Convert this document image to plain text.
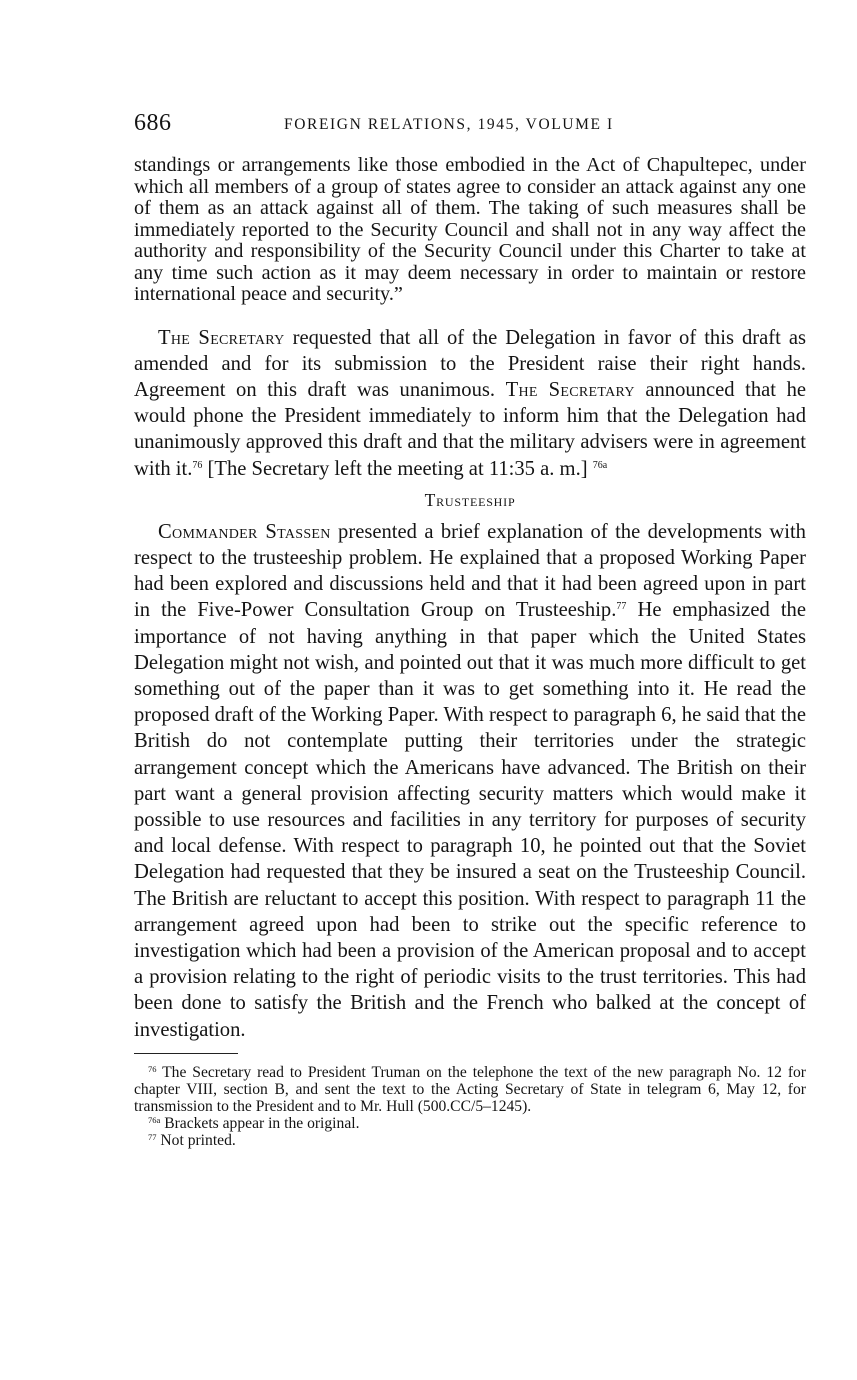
686	FOREIGN RELATIONS, 1945, VOLUME I

standings or arrangements like those embodied in the Act of Chapultepec, under which all members of a group of states agree to consider an attack against any one of them as an attack against all of them. The taking of such measures shall be immediately reported to the Security Council and shall not in any way affect the authority and responsibility of the Security Council under this Charter to take at any time such action as it may deem necessary in order to maintain or restore international peace and security.”

The Secretary requested that all of the Delegation in favor of this draft as amended and for its submission to the President raise their right hands. Agreement on this draft was unanimous. The Secretary announced that he would phone the President immediately to inform him that the Delegation had unanimously approved this draft and that the military advisers were in agreement with it.$^{76}$ [The Secretary left the meeting at 11:35 a. m.] $^{76a}$

Trusteeship

Commander Stassen presented a brief explanation of the developments with respect to the trusteeship problem. He explained that a proposed Working Paper had been explored and discussions held and that it had been agreed upon in part in the Five-Power Consultation Group on Trusteeship.$^{77}$ He emphasized the importance of not having anything in that paper which the United States Delegation might not wish, and pointed out that it was much more difficult to get something out of the paper than it was to get something into it. He read the proposed draft of the Working Paper. With respect to paragraph 6, he said that the British do not contemplate putting their territories under the strategic arrangement concept which the Americans have advanced. The British on their part want a general provision affecting security matters which would make it possible to use resources and facilities in any territory for purposes of security and local defense. With respect to paragraph 10, he pointed out that the Soviet Delegation had requested that they be insured a seat on the Trusteeship Council. The British are reluctant to accept this position. With respect to paragraph 11 the arrangement agreed upon had been to strike out the specific reference to investigation which had been a provision of the American proposal and to accept a provision relating to the right of periodic visits to the trust territories. This had been done to satisfy the British and the French who balked at the concept of investigation.

$^{76}$ The Secretary read to President Truman on the telephone the text of the new paragraph No. 12 for chapter VIII, section B, and sent the text to the Acting Secretary of State in telegram 6, May 12, for transmission to the President and to Mr. Hull (500.CC/5–1245).

$^{76a}$ Brackets appear in the original.

$^{77}$ Not printed.
